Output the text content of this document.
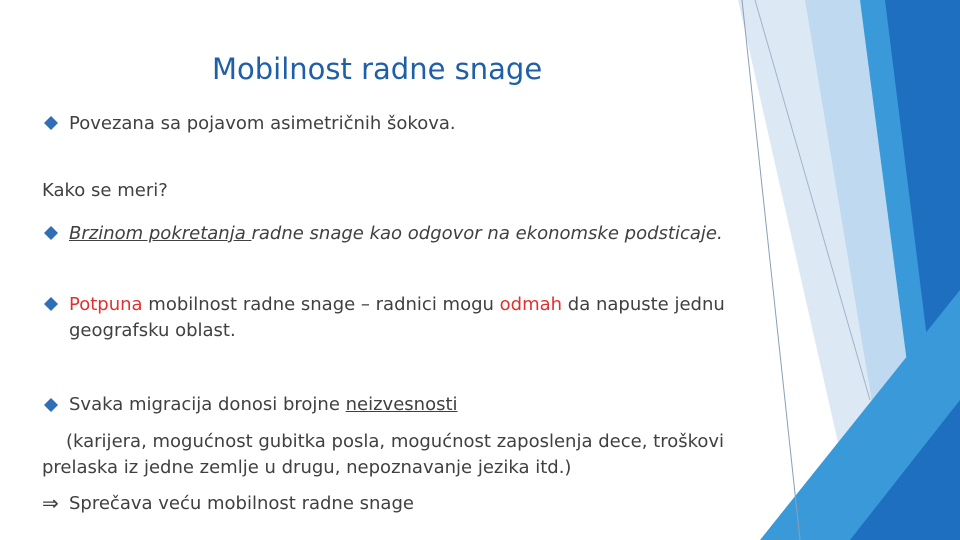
Mobilnost radne snage
Povezana sa pojavom asimetričnih šokova.
Kako se meri?
Brzinom pokretanja radne snage kao odgovor na ekonomske podsticaje.
Potpuna mobilnost radne snage – radnici mogu odmah da napuste jednu
geografsku oblast.
Svaka migracija donosi brojne neizvesnosti
(karijera, mogućnost gubitka posla, mogućnost zaposlenja dece, troškovi
prelaska iz jedne zemlje u drugu, nepoznavanje jezika itd.)
⇒ Sprečava veću mobilnost radne snage
